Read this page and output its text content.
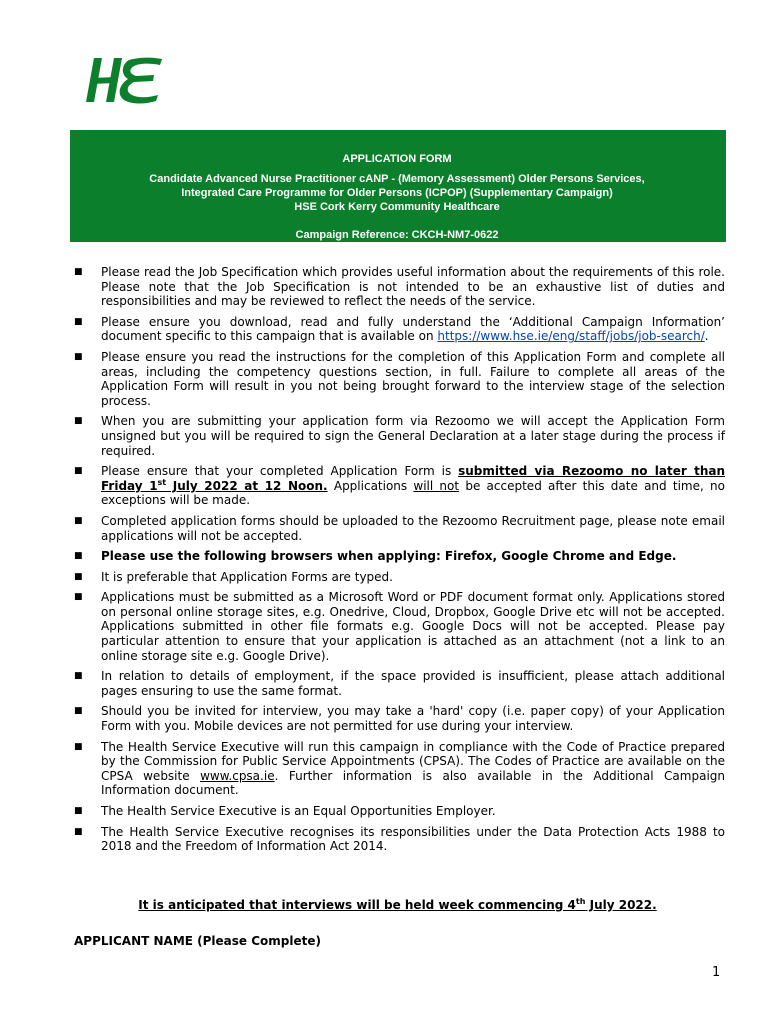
APPLICATION FORM
Candidate Advanced Nurse Practitioner cANP - (Memory Assessment) Older Persons Services,
Integrated Care Programme for Older Persons (ICPOP) (Supplementary Campaign)
HSE Cork Kerry Community Healthcare
Campaign Reference: CKCH-NM7-0622
■ Please read the Job Specification which provides useful information about the requirements of this role. Please note that the Job Specification is not intended to be an exhaustive list of duties and responsibilities and may be reviewed to reflect the needs of the service.
■ Please ensure you download, read and fully understand the ‘Additional Campaign Information’ document specific to this campaign that is available on https://www.hse.ie/eng/staff/jobs/job-search/.
■ Please ensure you read the instructions for the completion of this Application Form and complete all areas, including the competency questions section, in full. Failure to complete all areas of the Application Form will result in you not being brought forward to the interview stage of the selection process.
■ When you are submitting your application form via Rezoomo we will accept the Application Form unsigned but you will be required to sign the General Declaration at a later stage during the process if required.
■ Please ensure that your completed Application Form is submitted via Rezoomo no later than Friday 1st July 2022 at 12 Noon. Applications will not be accepted after this date and time, no exceptions will be made.
■ Completed application forms should be uploaded to the Rezoomo Recruitment page, please note email applications will not be accepted.
■ Please use the following browsers when applying: Firefox, Google Chrome and Edge.
■ It is preferable that Application Forms are typed.
■ Applications must be submitted as a Microsoft Word or PDF document format only. Applications stored on personal online storage sites, e.g. Onedrive, Cloud, Dropbox, Google Drive etc will not be accepted. Applications submitted in other file formats e.g. Google Docs will not be accepted. Please pay particular attention to ensure that your application is attached as an attachment (not a link to an online storage site e.g. Google Drive).
■ In relation to details of employment, if the space provided is insufficient, please attach additional pages ensuring to use the same format.
■ Should you be invited for interview, you may take a 'hard' copy (i.e. paper copy) of your Application Form with you. Mobile devices are not permitted for use during your interview.
■ The Health Service Executive will run this campaign in compliance with the Code of Practice prepared by the Commission for Public Service Appointments (CPSA). The Codes of Practice are available on the CPSA website www.cpsa.ie. Further information is also available in the Additional Campaign Information document.
■ The Health Service Executive is an Equal Opportunities Employer.
■ The Health Service Executive recognises its responsibilities under the Data Protection Acts 1988 to 2018 and the Freedom of Information Act 2014.
It is anticipated that interviews will be held week commencing 4th July 2022.
APPLICANT NAME (Please Complete)
1
